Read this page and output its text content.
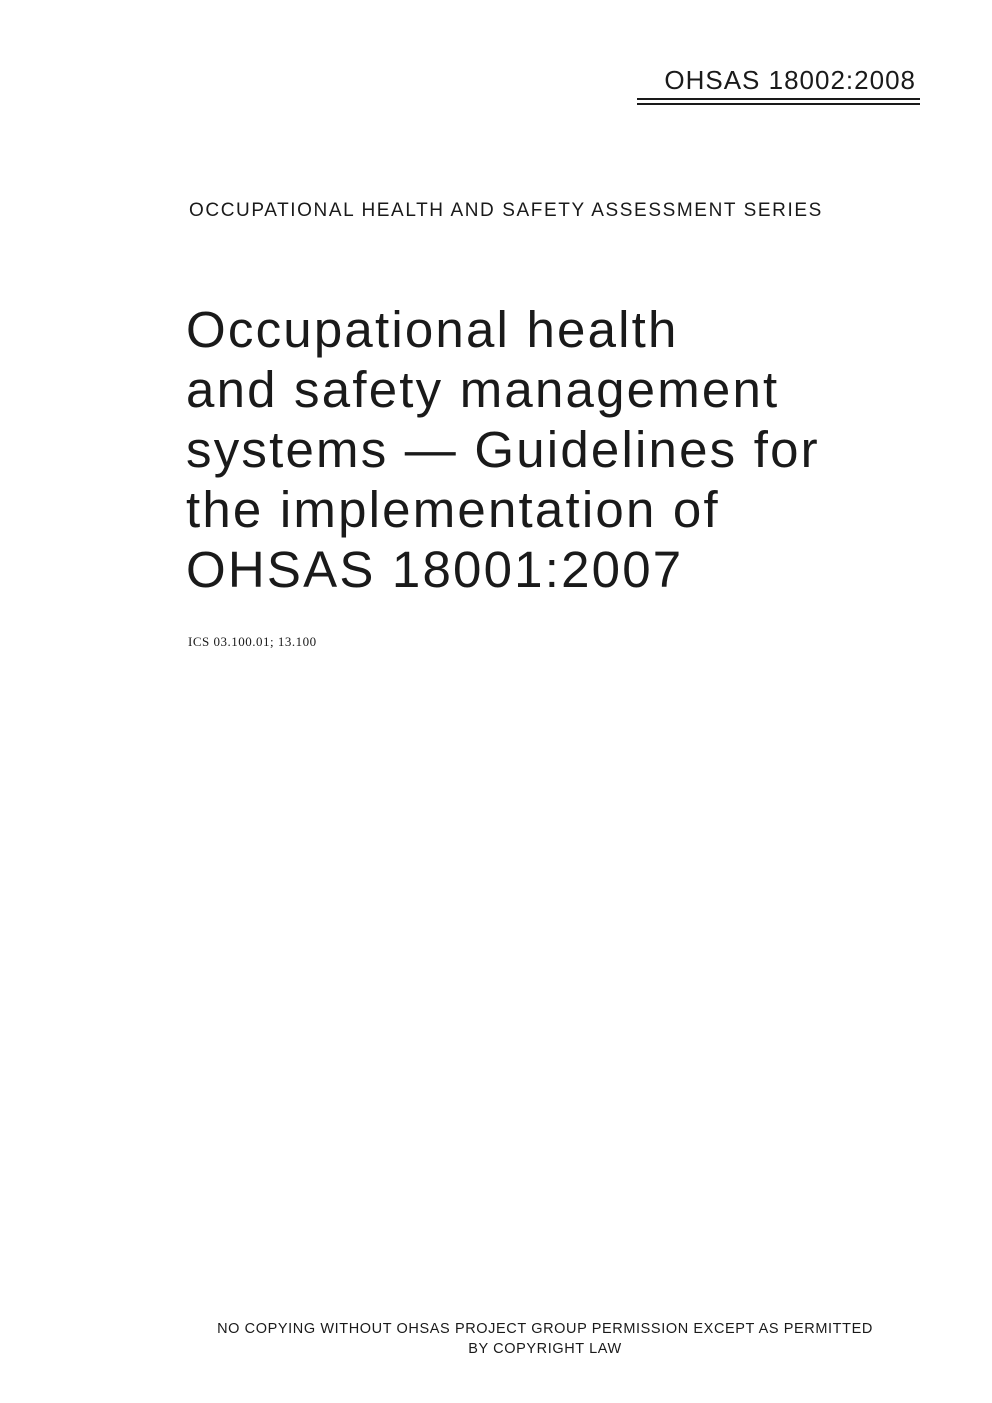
OHSAS 18002:2008
OCCUPATIONAL HEALTH AND SAFETY ASSESSMENT SERIES
Occupational health
and safety management
systems — Guidelines for
the implementation of
OHSAS 18001:2007
ICS 03.100.01; 13.100
NO COPYING WITHOUT OHSAS PROJECT GROUP PERMISSION EXCEPT AS PERMITTED
BY COPYRIGHT LAW
